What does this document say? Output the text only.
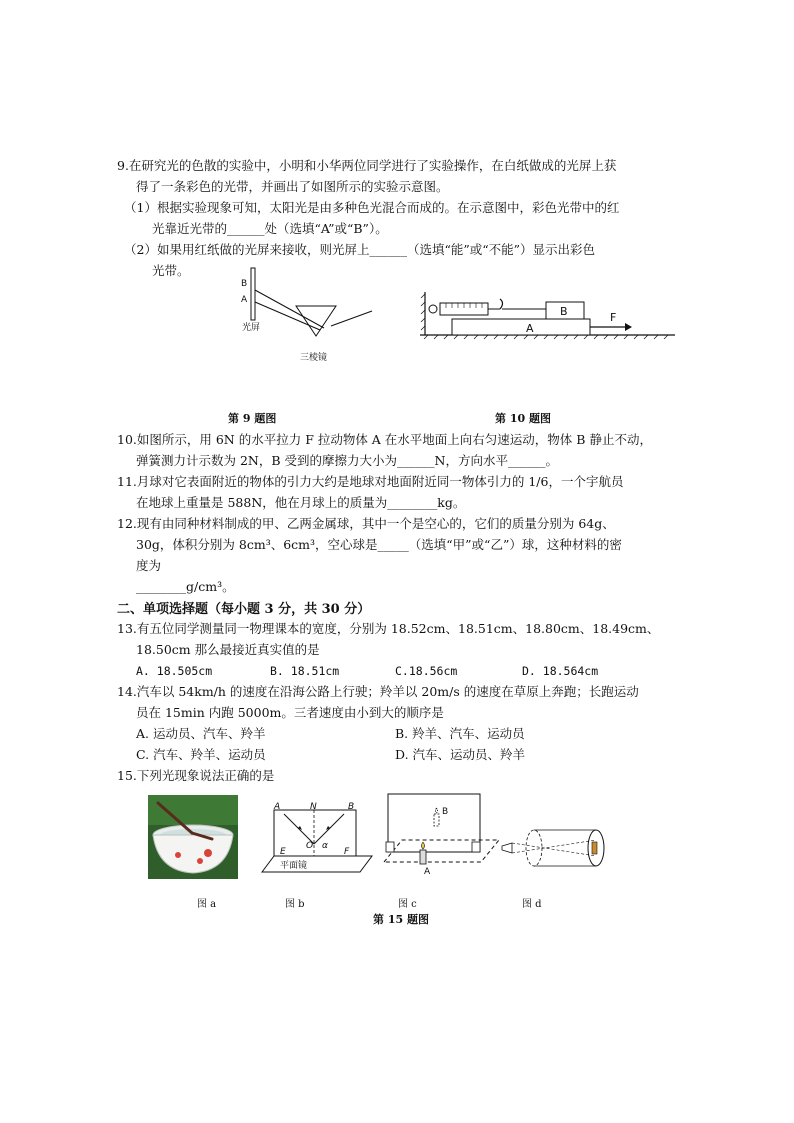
9.在研究光的色散的实验中，小明和小华两位同学进行了实验操作，在白纸做成的光屏上获
得了一条彩色的光带，并画出了如图所示的实验示意图。
（1）根据实验现象可知，太阳光是由多种色光混合而成的。在示意图中，彩色光带中的红
光靠近光带的______处（选填“A”或“B”）。
（2）如果用红纸做的光屏来接收，则光屏上______（选填“能”或“不能”）显示出彩色
光带。
B
A
光屏
三棱镜
B
A
F
第 9 题图	第 10 题图
10.如图所示，用 6N 的水平拉力 F 拉动物体 A 在水平地面上向右匀速运动，物体 B 静止不动，
弹簧测力计示数为 2N，B 受到的摩擦力大小为______N，方向水平______。
11.月球对它表面附近的物体的引力大约是地球对地面附近同一物体引力的 1/6，一个宇航员
在地球上重量是 588N，他在月球上的质量为________kg。
12.现有由同种材料制成的甲、乙两金属球，其中一个是空心的，它们的质量分别为 64g、
30g，体积分别为 8cm³、6cm³，空心球是_____（选填“甲”或“乙”）球，这种材料的密
度为
________g/cm³。
二、单项选择题（每小题 3 分，共 30 分）
13.有五位同学测量同一物理课本的宽度，分别为 18.52cm、18.51cm、18.80cm、18.49cm、
18.50cm 那么最接近真实值的是
A. 18.505cm	B. 18.51cm	C.18.56cm	D. 18.564cm
14.汽车以 54km/h 的速度在沿海公路上行驶；羚羊以 20m/s 的速度在草原上奔跑；长跑运动
员在 15min 内跑 5000m。三者速度由小到大的顺序是
A. 运动员、汽车、羚羊	B. 羚羊、汽车、运动员
C. 汽车、羚羊、运动员	D. 汽车、运动员、羚羊
15.下列光现象说法正确的是
A	N	B
O
E	F
α
平面镜
B
A
图 a	图 b	图 c	图 d
第 15 题图
